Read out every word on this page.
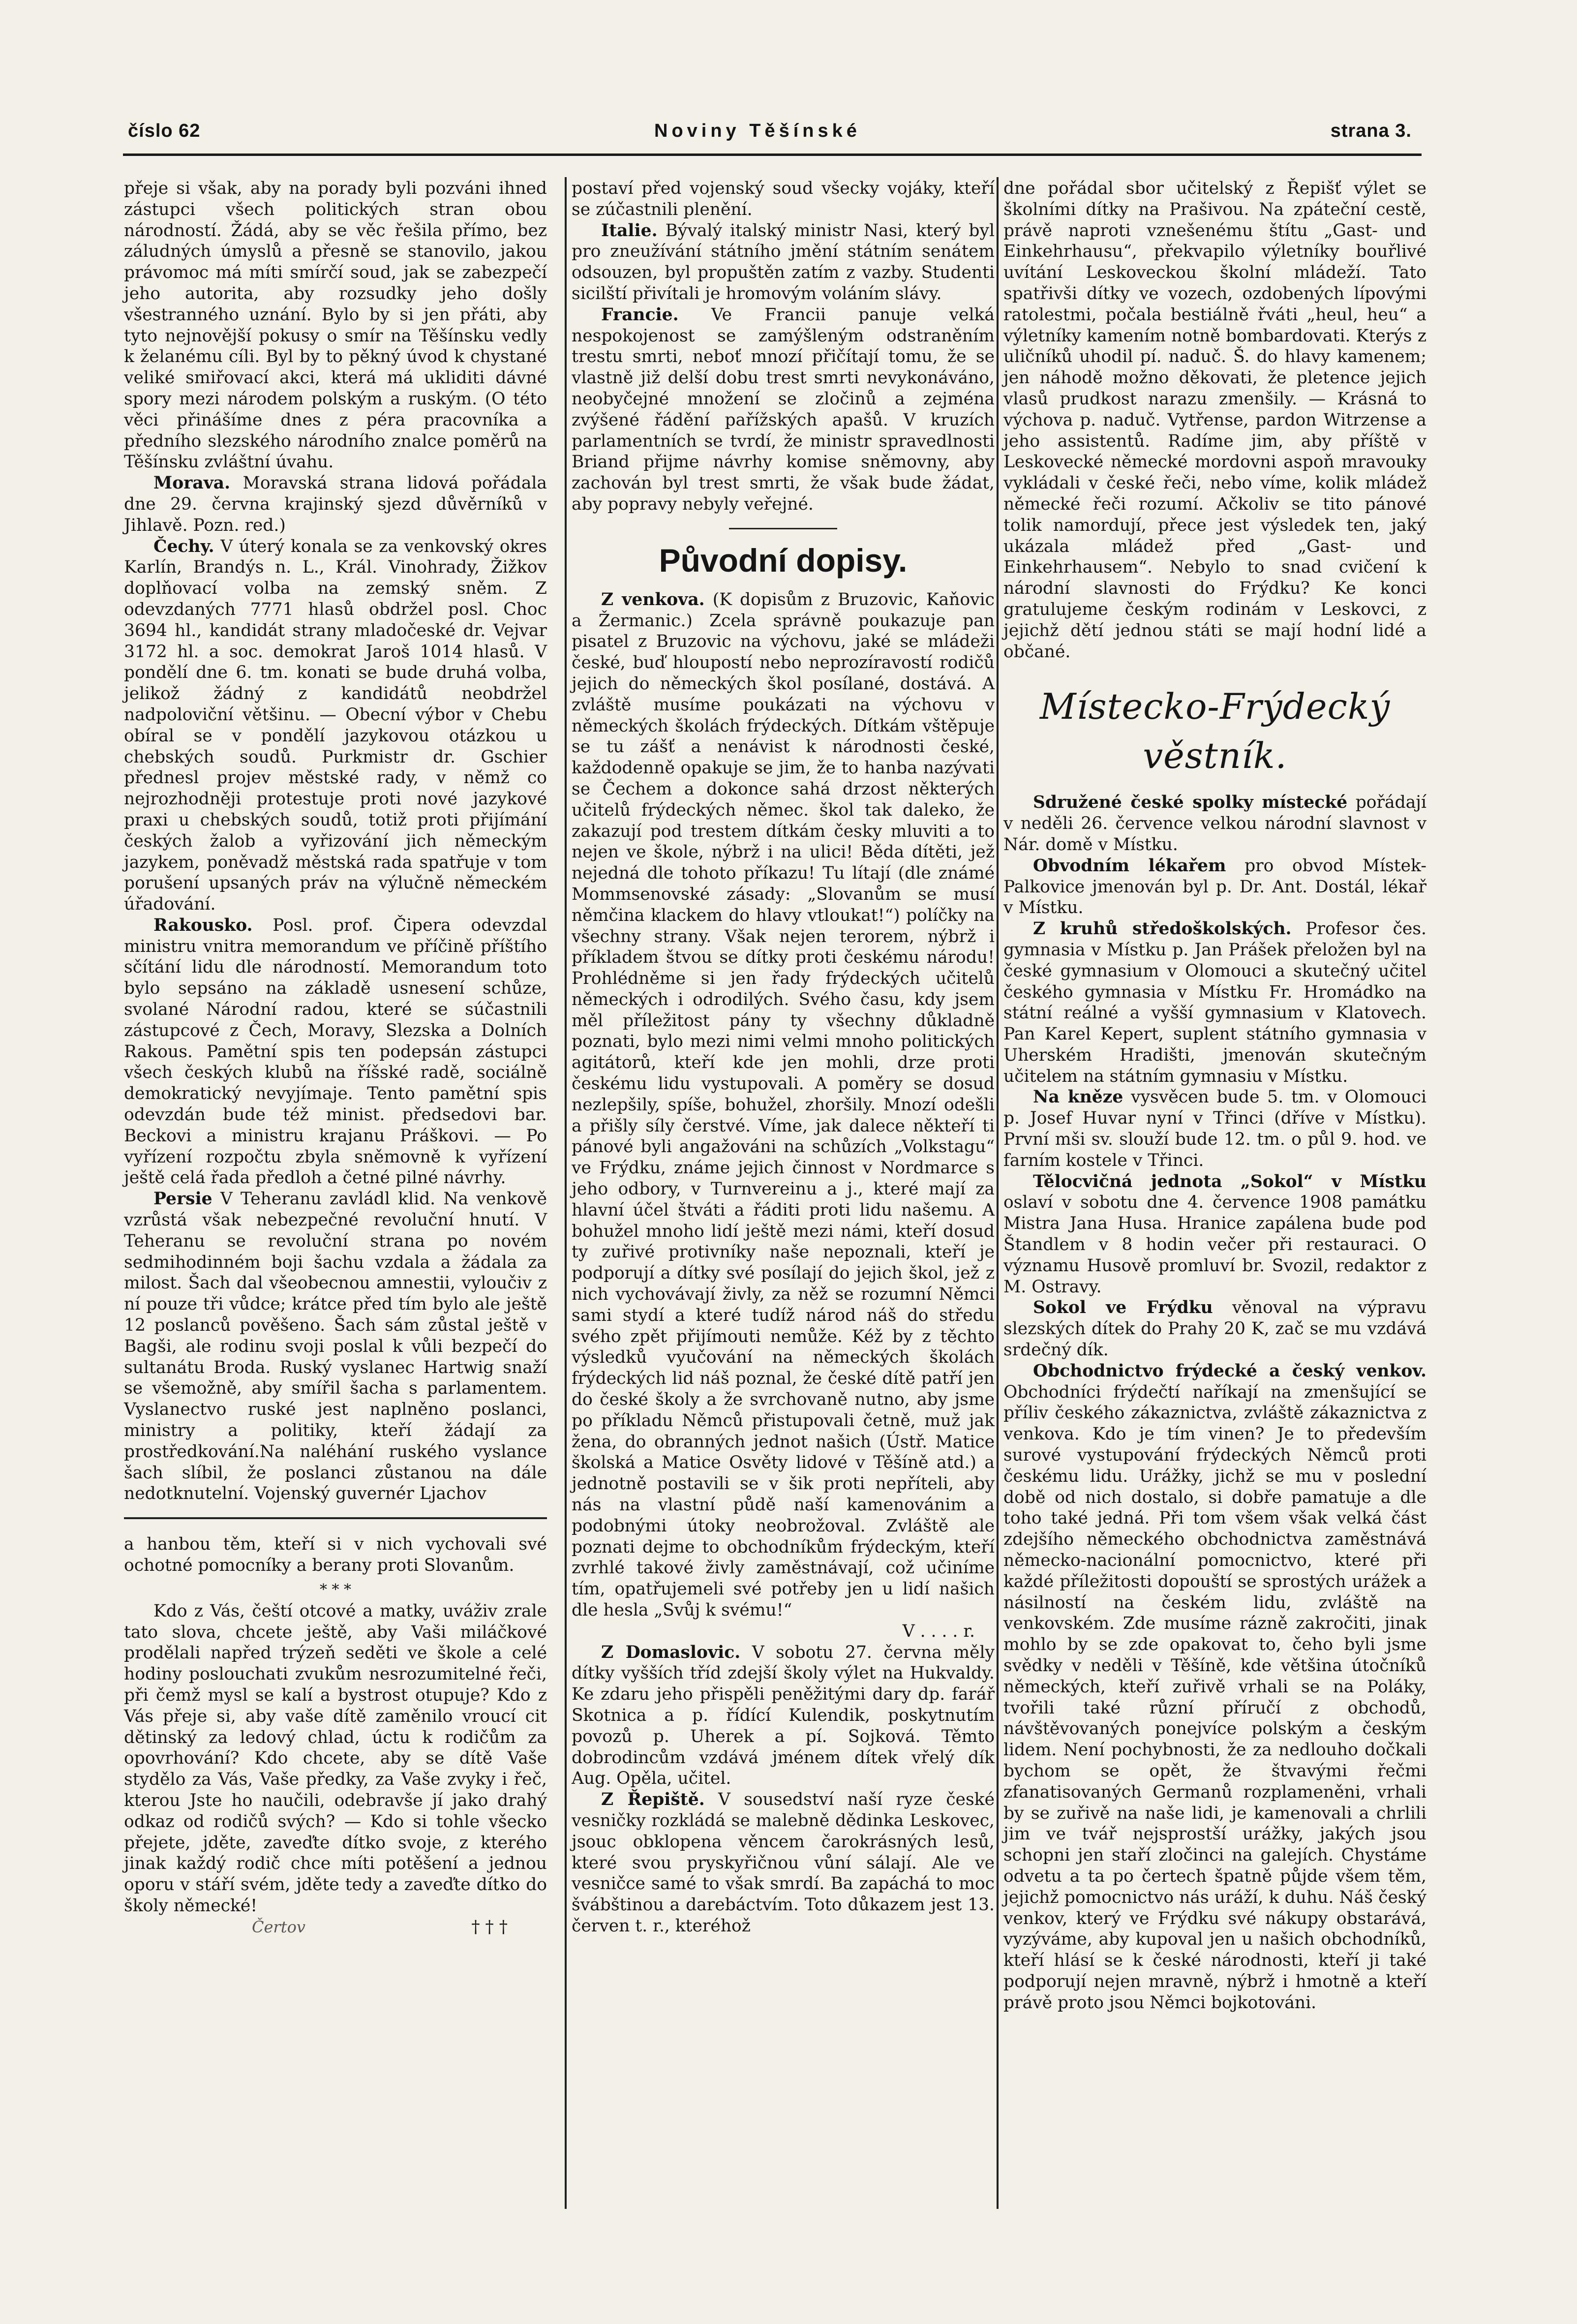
číslo 62	Noviny Těšínské	strana 3.

přeje si však, aby na porady byli pozváni ihned zástupci všech politických stran obou národností. Žádá, aby se věc řešila přímo, bez záludných úmyslů a přesně se stanovilo, jakou právomoc má míti smírčí soud, jak se zabezpečí jeho autorita, aby rozsudky jeho došly všestranného uznání. Bylo by si jen přáti, aby tyto nejnovější pokusy o smír na Těšínsku vedly k želanému cíli. Byl by to pěkný úvod k chystané veliké smiřovací akci, která má ukliditi dávné spory mezi národem polským a ruským. (O této věci přinášíme dnes z péra pracovníka a předního slezského národního znalce poměrů na Těšínsku zvláštní úvahu.

Morava. Moravská strana lidová pořádala dne 29. června krajinský sjezd důvěrníků v Jihlavě. Pozn. red.)

Čechy. V úterý konala se za venkovský okres Karlín, Brandýs n. L., Král. Vinohrady, Žižkov doplňovací volba na zemský sněm. Z odevzdaných 7771 hlasů obdržel posl. Choc 3694 hl., kandidát strany mladočeské dr. Vejvar 3172 hl. a soc. demokrat Jaroš 1014 hlasů. V pondělí dne 6. tm. konati se bude druhá volba, jelikož žádný z kandidátů neobdržel nadpoloviční většinu. — Obecní výbor v Chebu obíral se v pondělí jazykovou otázkou u chebských soudů. Purkmistr dr. Gschier přednesl projev městské rady, v němž co nejrozhodněji protestuje proti nové jazykové praxi u chebských soudů, totiž proti přijímání českých žalob a vyřizování jich německým jazykem, poněvadž městská rada spatřuje v tom porušení upsaných práv na výlučně německém úřadování.

Rakousko. Posl. prof. Čipera odevzdal ministru vnitra memorandum ve příčině příštího sčítání lidu dle národností. Memorandum toto bylo sepsáno na základě usnesení schůze, svolané Národní radou, které se súčastnili zástupcové z Čech, Moravy, Slezska a Dolních Rakous. Pamětní spis ten podepsán zástupci všech českých klubů na říšské radě, sociálně demokratický nevyjímaje. Tento pamětní spis odevzdán bude též minist. předsedovi bar. Beckovi a ministru krajanu Práškovi. — Po vyřízení rozpočtu zbyla sněmovně k vyřízení ještě celá řada předloh a četné pilné návrhy.

Persie V Teheranu zavládl klid. Na venkově vzrůstá však nebezpečné revoluční hnutí. V Teheranu se revoluční strana po novém sedmihodinném boji šachu vzdala a žádala za milost. Šach dal všeobecnou amnestii, vyloučiv z ní pouze tři vůdce; krátce před tím bylo ale ještě 12 poslanců pověšeno. Šach sám zůstal ještě v Bagši, ale rodinu svoji poslal k vůli bezpečí do sultanátu Broda. Ruský vyslanec Hartwig snaží se všemožně, aby smířil šacha s parlamentem. Vyslanectvo ruské jest naplněno poslanci, ministry a politiky, kteří žádají za prostředkování.Na naléhání ruského vyslance šach slíbil, že poslanci zůstanou na dále nedotknutelní. Vojenský guvernér Ljachov

a hanbou těm, kteří si v nich vychovali své ochotné pomocníky a berany proti Slovanům.

* * *

Kdo z Vás, čeští otcové a matky, uváživ zrale tato slova, chcete ještě, aby Vaši miláčkové prodělali napřed trýzeň seděti ve škole a celé hodiny poslouchati zvukům nesrozumitelné řeči, při čemž mysl se kalí a bystrost otupuje? Kdo z Vás přeje si, aby vaše dítě zaměnilo vroucí cit dětinský za ledový chlad, úctu k rodičům za opovrhování? Kdo chcete, aby se dítě Vaše stydělo za Vás, Vaše předky, za Vaše zvyky i řeč, kterou Jste ho naučili, odebravše jí jako drahý odkaz od rodičů svých? — Kdo si tohle všecko přejete, jděte, zaveďte dítko svoje, z kterého jinak každý rodič chce míti potěšení a jednou oporu v stáří svém, jděte tedy a zaveďte dítko do školy německé!

Čertov	† † †

postaví před vojenský soud všecky vojáky, kteří se zúčastnili plenění.

Italie. Bývalý italský ministr Nasi, který byl pro zneužívání státního jmění státním senátem odsouzen, byl propuštěn zatím z vazby. Studenti sicilští přivítali je hromovým voláním slávy.

Francie. Ve Francii panuje velká nespokojenost se zamýšleným odstraněním trestu smrti, neboť mnozí přičítají tomu, že se vlastně již delší dobu trest smrti nevykonáváno, neobyčejné množení se zločinů a zejména zvýšené řádění pařížských apašů. V kruzích parlamentních se tvrdí, že ministr spravedlnosti Briand přijme návrhy komise sněmovny, aby zachován byl trest smrti, že však bude žádat, aby popravy nebyly veřejné.

Původní dopisy.

Z venkova. (K dopisům z Bruzovic, Kaňovic a Žermanic.) Zcela správně poukazuje pan pisatel z Bruzovic na výchovu, jaké se mládeži české, buď hloupostí nebo neprozíravostí rodičů jejich do německých škol posílané, dostává. A zvláště musíme poukázati na výchovu v německých školách frýdeckých. Dítkám vštěpuje se tu zášť a nenávist k národnosti české, každodenně opakuje se jim, že to hanba nazývati se Čechem a dokonce sahá drzost některých učitelů frýdeckých němec. škol tak daleko, že zakazují pod trestem dítkám česky mluviti a to nejen ve škole, nýbrž i na ulici! Běda dítěti, jež nejedná dle tohoto příkazu! Tu lítají (dle známé Mommsenovské zásady: „Slovanům se musí němčina klackem do hlavy vtloukat!“) políčky na všechny strany. Však nejen terorem, nýbrž i příkladem štvou se dítky proti českému národu! Prohlédněme si jen řady frýdeckých učitelů německých i odrodilých. Svého času, kdy jsem měl příležitost pány ty všechny důkladně poznati, bylo mezi nimi velmi mnoho politických agitátorů, kteří kde jen mohli, drze proti českému lidu vystupovali. A poměry se dosud nezlepšily, spíše, bohužel, zhoršily. Mnozí odešli a přišly síly čerstvé. Víme, jak dalece někteří ti pánové byli angažováni na schůzích „Volkstagu“ ve Frýdku, známe jejich činnost v Nordmarce s jeho odbory, v Turnvereinu a j., které mají za hlavní účel štváti a řáditi proti lidu našemu. A bohužel mnoho lidí ještě mezi námi, kteří dosud ty zuřivé protivníky naše nepoznali, kteří je podporují a dítky své posílají do jejich škol, jež z nich vychovávají živly, za něž se rozumní Němci sami stydí a které tudíž národ náš do středu svého zpět přijímouti nemůže. Kéž by z těchto výsledků vyučování na německých školách frýdeckých lid náš poznal, že české dítě patří jen do české školy a že svrchovaně nutno, aby jsme po příkladu Němců přistupovali četně, muž jak žena, do obranných jednot našich (Ústř. Matice školská a Matice Osvěty lidové v Těšíně atd.) a jednotně postavili se v šik proti nepříteli, aby nás na vlastní půdě naší kamenovánim a podobnými útoky neobrožoval. Zvláště ale poznati dejme to obchodníkům frýdeckým, kteří zvrhlé takové živly zaměstnávají, což učiníme tím, opatřujemeli své potřeby jen u lidí našich dle hesla „Svůj k svému!“

V . . . . r.

Z Domaslovic. V sobotu 27. června měly dítky vyšších tříd zdejší školy výlet na Hukvaldy. Ke zdaru jeho přispěli peněžitými dary dp. farář Skotnica a p. řídící Kulendik, poskytnutím povozů p. Uherek a pí. Sojková. Těmto dobrodincům vzdává jménem dítek vřelý dík Aug. Opěla, učitel.

Z Řepiště. V sousedství naší ryze české vesničky rozkládá se malebně dědinka Leskovec, jsouc obklopena věncem čarokrásných lesů, které svou pryskyřičnou vůní sálají. Ale ve vesničce samé to však smrdí. Ba zapáchá to moc švábštinou a darebáctvím. Toto důkazem jest 13. červen t. r., kteréhož

dne pořádal sbor učitelský z Řepišť výlet se školními dítky na Prašivou. Na zpáteční cestě, právě naproti vznešenému štítu „Gast- und Einkehrhausu“, překvapilo výletníky bouřlivé uvítání Leskoveckou školní mládeží. Tato spatřivši dítky ve vozech, ozdobených lípovými ratolestmi, počala bestiálně řváti „heul, heu“ a výletníky kamením notně bombardovati. Kterýs z uličníků uhodil pí. naduč. Š. do hlavy kamenem; jen náhodě možno děkovati, že pletence jejich vlasů prudkost narazu zmenšily. — Krásná to výchova p. naduč. Vytřense, pardon Witrzense a jeho assistentů. Radíme jim, aby příště v Leskovecké německé mordovni aspoň mravouky vykládali v české řeči, nebo víme, kolik mládež německé řeči rozumí. Ačkoliv se tito pánové tolik namordují, přece jest výsledek ten, jaký ukázala mládež před „Gast- und Einkehrhausem“. Nebylo to snad cvičení k národní slavnosti do Frýdku? Ke konci gratulujeme českým rodinám v Leskovci, z jejichž dětí jednou státi se mají hodní lidé a občané.

Místecko-Frýdecký věstník.

Sdružené české spolky místecké pořádají v neděli 26. července velkou národní slavnost v Nár. domě v Místku.

Obvodním lékařem pro obvod Místek-Palkovice jmenován byl p. Dr. Ant. Dostál, lékař v Místku.

Z kruhů středoškolských. Profesor čes. gymnasia v Místku p. Jan Prášek přeložen byl na české gymnasium v Olomouci a skutečný učitel českého gymnasia v Místku Fr. Hromádko na státní reálné a vyšší gymnasium v Klatovech. Pan Karel Kepert, suplent státního gymnasia v Uherském Hradišti, jmenován skutečným učitelem na státním gymnasiu v Místku.

Na kněze vysvěcen bude 5. tm. v Olomouci p. Josef Huvar nyní v Třinci (dříve v Místku). První mši sv. slouží bude 12. tm. o půl 9. hod. ve farním kostele v Třinci.

Tělocvičná jednota „Sokol“ v Místku oslaví v sobotu dne 4. července 1908 památku Mistra Jana Husa. Hranice zapálena bude pod Štandlem v 8 hodin večer při restauraci. O významu Husově promluví br. Svozil, redaktor z M. Ostravy.

Sokol ve Frýdku věnoval na výpravu slezských dítek do Prahy 20 K, zač se mu vzdává srdečný dík.

Obchodnictvo frýdecké a český venkov. Obchodníci frýdečtí naříkají na zmenšující se příliv českého zákaznictva, zvláště zákaznictva z venkova. Kdo je tím vinen? Je to především surové vystupování frýdeckých Němců proti českému lidu. Urážky, jichž se mu v poslední době od nich dostalo, si dobře pamatuje a dle toho také jedná. Při tom všem však velká část zdejšího německého obchodnictva zaměstnává německo-nacionální pomocnictvo, které při každé příležitosti dopouští se sprostých urážek a násilností na českém lidu, zvláště na venkovském. Zde musíme rázně zakročiti, jinak mohlo by se zde opakovat to, čeho byli jsme svědky v neděli v Těšíně, kde většina útočníků německých, kteří zuřivě vrhali se na Poláky, tvořili také různí příručí z obchodů, návštěvovaných ponejvíce polským a českým lidem. Není pochybnosti, že za nedlouho dočkali bychom se opět, že štvavými řečmi zfanatisovaných Germanů rozplameněni, vrhali by se zuřivě na naše lidi, je kamenovali a chrlili jim ve tvář nejsprostší urážky, jakých jsou schopni jen staří zločinci na galejích. Chystáme odvetu a ta po čertech špatně půjde všem těm, jejichž pomocnictvo nás uráží, k duhu. Náš český venkov, který ve Frýdku své nákupy obstarává, vyzýváme, aby kupoval jen u našich obchodníků, kteří hlásí se k české národnosti, kteří ji také podporují nejen mravně, nýbrž i hmotně a kteří právě proto jsou Němci bojkotováni.
